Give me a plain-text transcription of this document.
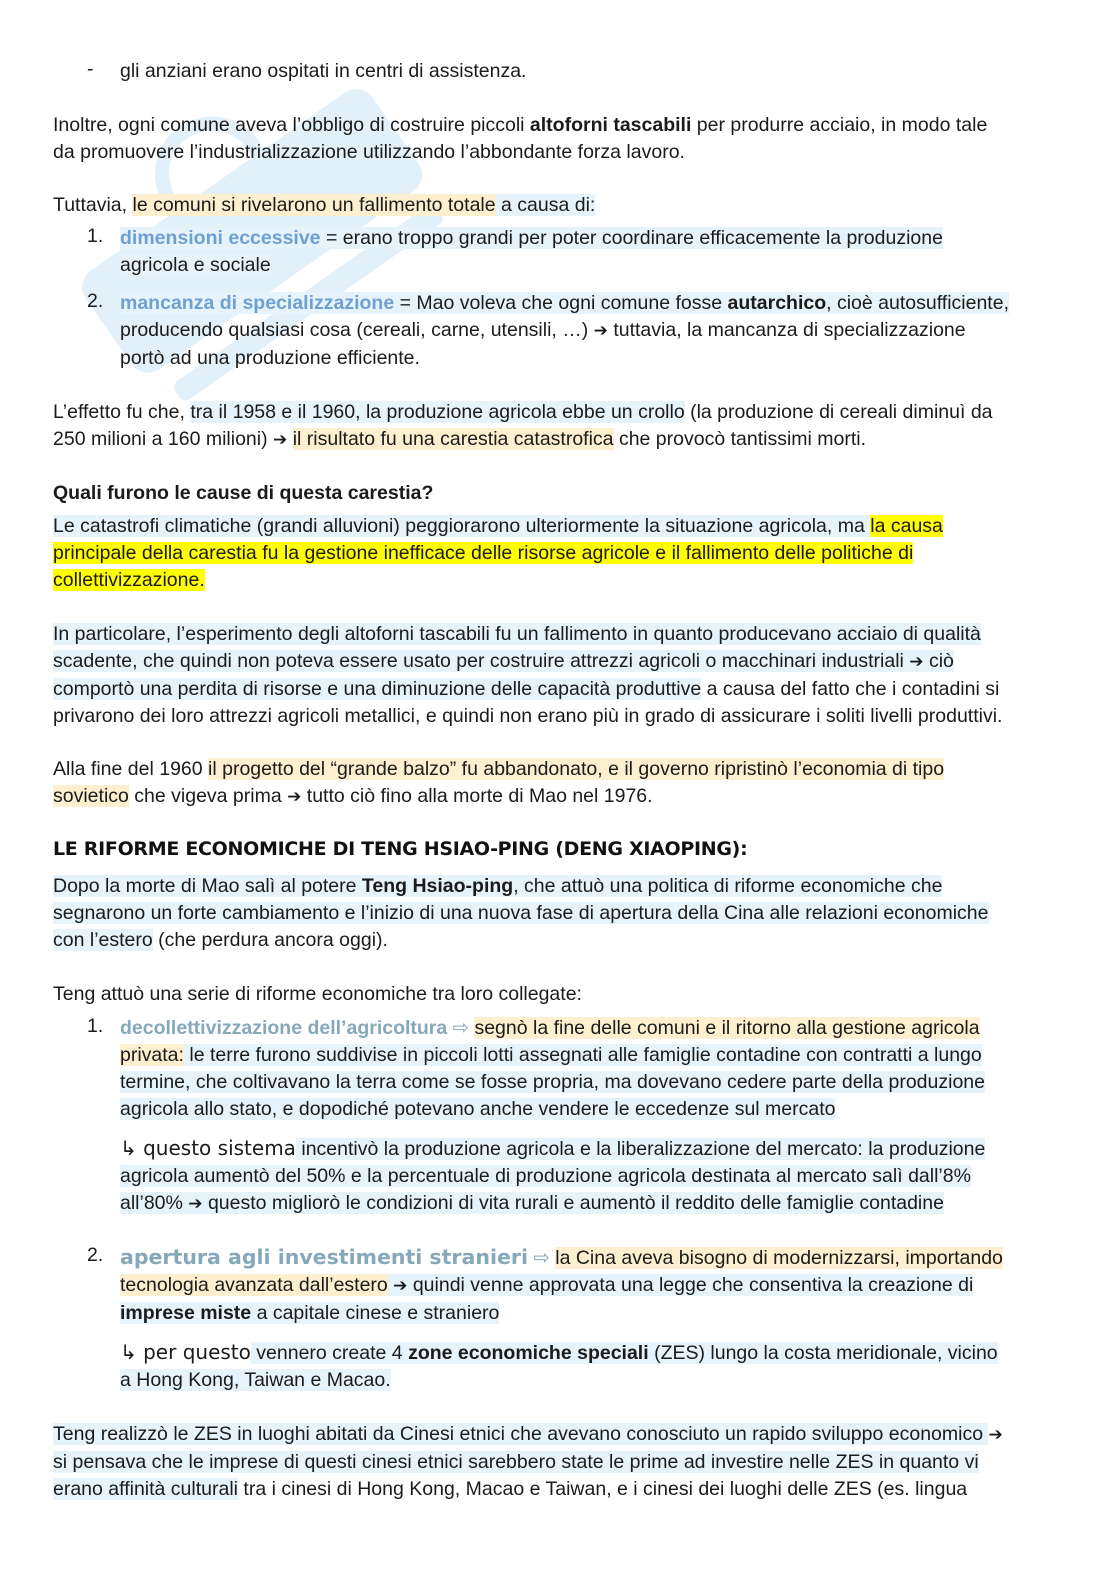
- gli anziani erano ospitati in centri di assistenza.

Inoltre, ogni comune aveva l’obbligo di costruire piccoli altoforni tascabili per produrre acciaio, in modo tale

da promuovere l’industrializzazione utilizzando l’abbondante forza lavoro.

Tuttavia, le comuni si rivelarono un fallimento totale a causa di:

1. dimensioni eccessive = erano troppo grandi per poter coordinare efficacemente la produzione

agricola e sociale

2. mancanza di specializzazione = Mao voleva che ogni comune fosse autarchico, cioè autosufficiente,

producendo qualsiasi cosa (cereali, carne, utensili, …) ➔ tuttavia, la mancanza di specializzazione

portò ad una produzione efficiente.

L’effetto fu che, tra il 1958 e il 1960, la produzione agricola ebbe un crollo (la produzione di cereali diminuì da

250 milioni a 160 milioni) ➔ il risultato fu una carestia catastrofica che provocò tantissimi morti.

Quali furono le cause di questa carestia?

Le catastrofi climatiche (grandi alluvioni) peggiorarono ulteriormente la situazione agricola, ma la causa

principale della carestia fu la gestione inefficace delle risorse agricole e il fallimento delle politiche di

collettivizzazione.

In particolare, l’esperimento degli altoforni tascabili fu un fallimento in quanto producevano acciaio di qualità

scadente, che quindi non poteva essere usato per costruire attrezzi agricoli o macchinari industriali ➔ ciò

comportò una perdita di risorse e una diminuzione delle capacità produttive a causa del fatto che i contadini si

privarono dei loro attrezzi agricoli metallici, e quindi non erano più in grado di assicurare i soliti livelli produttivi.

Alla fine del 1960 il progetto del “grande balzo” fu abbandonato, e il governo ripristinò l’economia di tipo

sovietico che vigeva prima ➔ tutto ciò fino alla morte di Mao nel 1976.

LE RIFORME ECONOMICHE DI TENG HSIAO-PING (DENG XIAOPING):

Dopo la morte di Mao salì al potere Teng Hsiao-ping, che attuò una politica di riforme economiche che

segnarono un forte cambiamento e l’inizio di una nuova fase di apertura della Cina alle relazioni economiche

con l’estero (che perdura ancora oggi).

Teng attuò una serie di riforme economiche tra loro collegate:

1. decollettivizzazione dell’agricoltura ⇨ segnò la fine delle comuni e il ritorno alla gestione agricola

privata: le terre furono suddivise in piccoli lotti assegnati alle famiglie contadine con contratti a lungo

termine, che coltivavano la terra come se fosse propria, ma dovevano cedere parte della produzione

agricola allo stato, e dopodiché potevano anche vendere le eccedenze sul mercato

↳ questo sistema incentivò la produzione agricola e la liberalizzazione del mercato: la produzione

agricola aumentò del 50% e la percentuale di produzione agricola destinata al mercato salì dall’8%

all’80% ➔ questo migliorò le condizioni di vita rurali e aumentò il reddito delle famiglie contadine

2. apertura agli investimenti stranieri ⇨ la Cina aveva bisogno di modernizzarsi, importando

tecnologia avanzata dall’estero ➔ quindi venne approvata una legge che consentiva la creazione di

imprese miste a capitale cinese e straniero

↳ per questo vennero create 4 zone economiche speciali (ZES) lungo la costa meridionale, vicino

a Hong Kong, Taiwan e Macao.

Teng realizzò le ZES in luoghi abitati da Cinesi etnici che avevano conosciuto un rapido sviluppo economico ➔

si pensava che le imprese di questi cinesi etnici sarebbero state le prime ad investire nelle ZES in quanto vi

erano affinità culturali tra i cinesi di Hong Kong, Macao e Taiwan, e i cinesi dei luoghi delle ZES (es. lingua
